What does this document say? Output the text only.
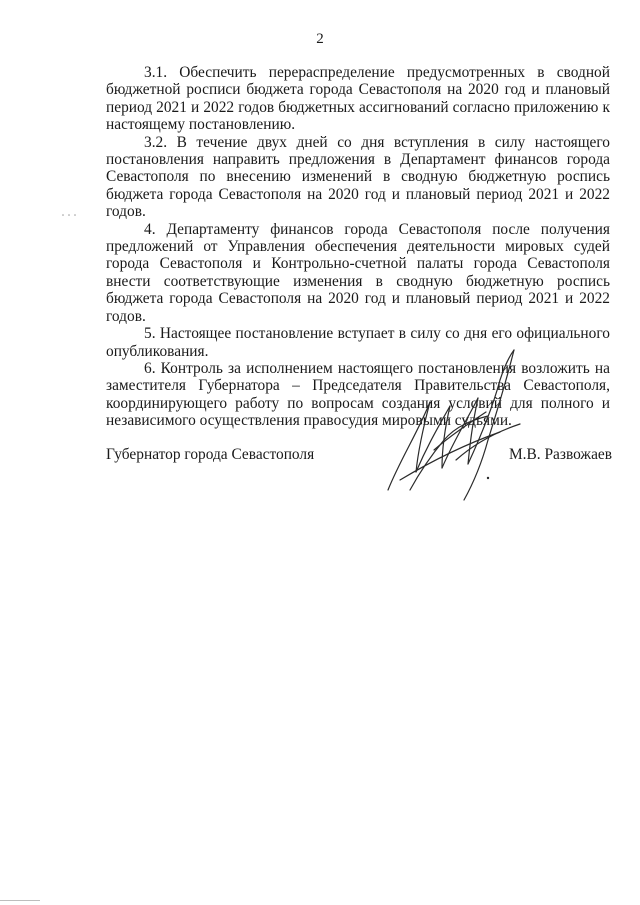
2

3.1. Обеспечить перераспределение предусмотренных в сводной бюджетной росписи бюджета города Севастополя на 2020 год и плановый период 2021 и 2022 годов бюджетных ассигнований согласно приложению к настоящему постановлению.

3.2. В течение двух дней со дня вступления в силу настоящего постановления направить предложения в Департамент финансов города Севастополя по внесению изменений в сводную бюджетную роспись бюджета города Севастополя на 2020 год и плановый период 2021 и 2022 годов.

4. Департаменту финансов города Севастополя после получения предложений от Управления обеспечения деятельности мировых судей города Севастополя и Контрольно-счетной палаты города Севастополя внести соответствующие изменения в сводную бюджетную роспись бюджета города Севастополя на 2020 год и плановый период 2021 и 2022 годов.

5. Настоящее постановление вступает в силу со дня его официального опубликования.

6. Контроль за исполнением настоящего постановления возложить на заместителя Губернатора – Председателя Правительства Севастополя, координирующего работу по вопросам создания условий для полного и независимого осуществления правосудия мировыми судьями.

Губернатор города Севастополя	М.В. Развожаев
